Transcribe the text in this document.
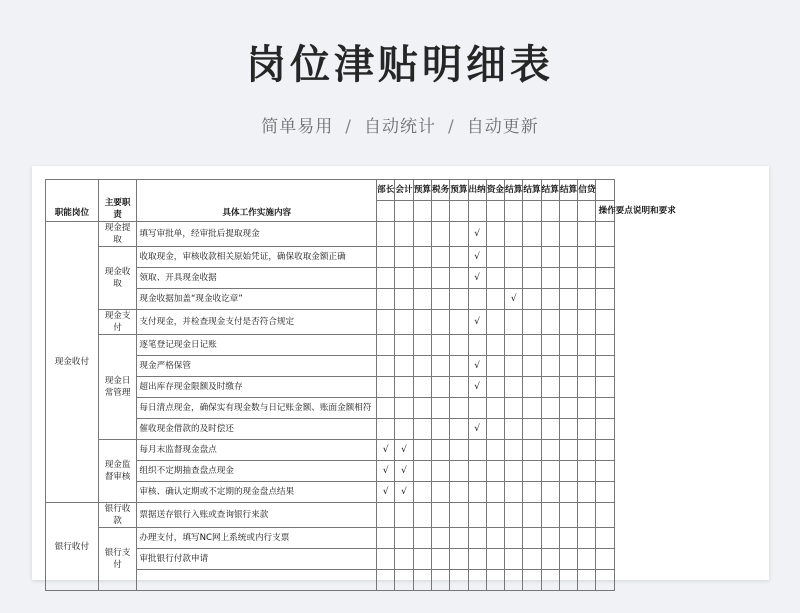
岗位津贴明细表
简单易用 / 自动统计 / 自动更新
职能岗位	主要职责	具体工作实施内容	部长	会计	预算	税务	预算	出纳	资金	结算	结算	结算	结算	信贷	
															操作要点说明和要求
现金收付	现金提取	填写审批单，经审批后提取现金						√							
	现金收取	收取现金，审核收款相关原始凭证，确保收取金额正确						√							
		领取、开具现金收据						√							
		现金收据加盖“现金收讫章”								√					
	现金支付	支付现金，并检查现金支付是否符合规定						√							
	现金日常管理	逐笔登记现金日记账													
		现金严格保管						√							
		超出库存现金限额及时缴存						√							
		每日清点现金，确保实有现金数与日记账金额、账面金额相符													
		催收现金借款的及时偿还						√							
	现金监督审核	每月末监督现金盘点	√	√											
		组织不定期抽查盘点现金	√	√											
		审核、确认定期或不定期的现金盘点结果	√	√											
银行收付	银行收款	票据送存银行入账或查询银行来款													
	银行支付	办理支付，填写NC网上系统或内行支票													
		审批银行付款申请													
